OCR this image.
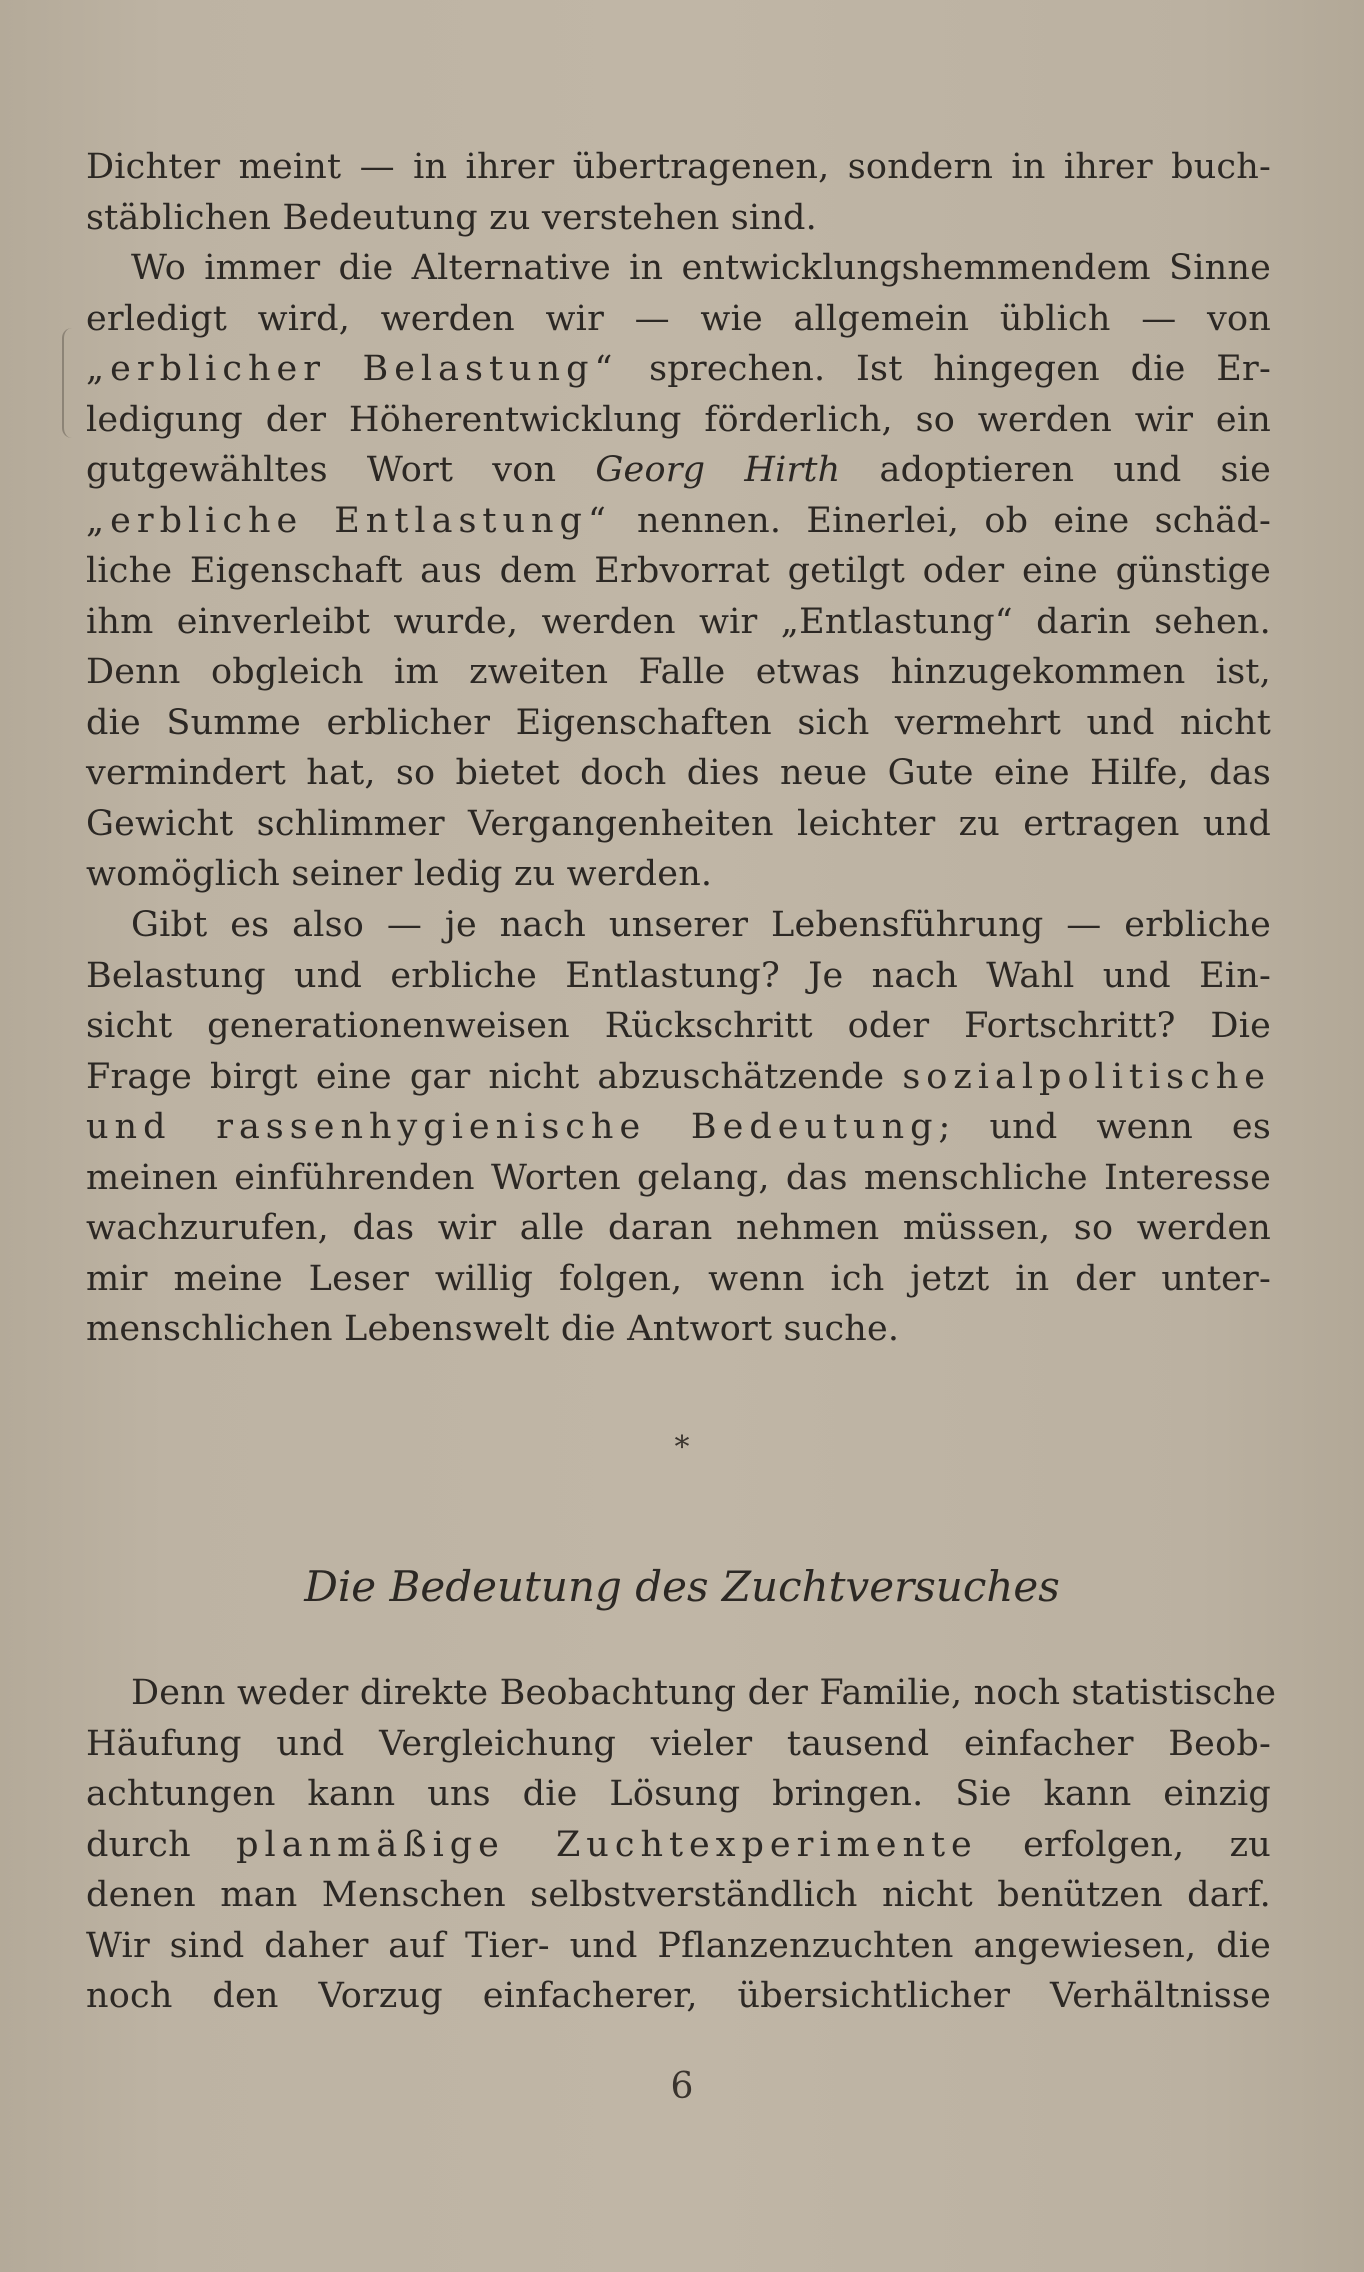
Dichter meint — in ihrer übertragenen, sondern in ihrer buch-
stäblichen Bedeutung zu verstehen sind.
Wo immer die Alternative in entwicklungshemmendem Sinne
erledigt wird, werden wir — wie allgemein üblich — von
„erblicher Belastung“ sprechen. Ist hingegen die Er-
ledigung der Höherentwicklung förderlich, so werden wir ein
gutgewähltes Wort von Georg Hirth adoptieren und sie
„erbliche Entlastung“ nennen. Einerlei, ob eine schäd-
liche Eigenschaft aus dem Erbvorrat getilgt oder eine günstige
ihm einverleibt wurde, werden wir „Entlastung“ darin sehen.
Denn obgleich im zweiten Falle etwas hinzugekommen ist,
die Summe erblicher Eigenschaften sich vermehrt und nicht
vermindert hat, so bietet doch dies neue Gute eine Hilfe, das
Gewicht schlimmer Vergangenheiten leichter zu ertragen und
womöglich seiner ledig zu werden.
Gibt es also — je nach unserer Lebensführung — erbliche
Belastung und erbliche Entlastung? Je nach Wahl und Ein-
sicht generationenweisen Rückschritt oder Fortschritt? Die
Frage birgt eine gar nicht abzuschätzende sozialpolitische
und rassenhygienische Bedeutung; und wenn es
meinen einführenden Worten gelang, das menschliche Interesse
wachzurufen, das wir alle daran nehmen müssen, so werden
mir meine Leser willig folgen, wenn ich jetzt in der unter-
menschlichen Lebenswelt die Antwort suche.
*
Die Bedeutung des Zuchtversuches
Denn weder direkte Beobachtung der Familie, noch statistische
Häufung und Vergleichung vieler tausend einfacher Beob-
achtungen kann uns die Lösung bringen. Sie kann einzig
durch planmäßige Zuchtexperimente erfolgen, zu
denen man Menschen selbstverständlich nicht benützen darf.
Wir sind daher auf Tier- und Pflanzenzuchten angewiesen, die
noch den Vorzug einfacherer, übersichtlicher Verhältnisse
6
